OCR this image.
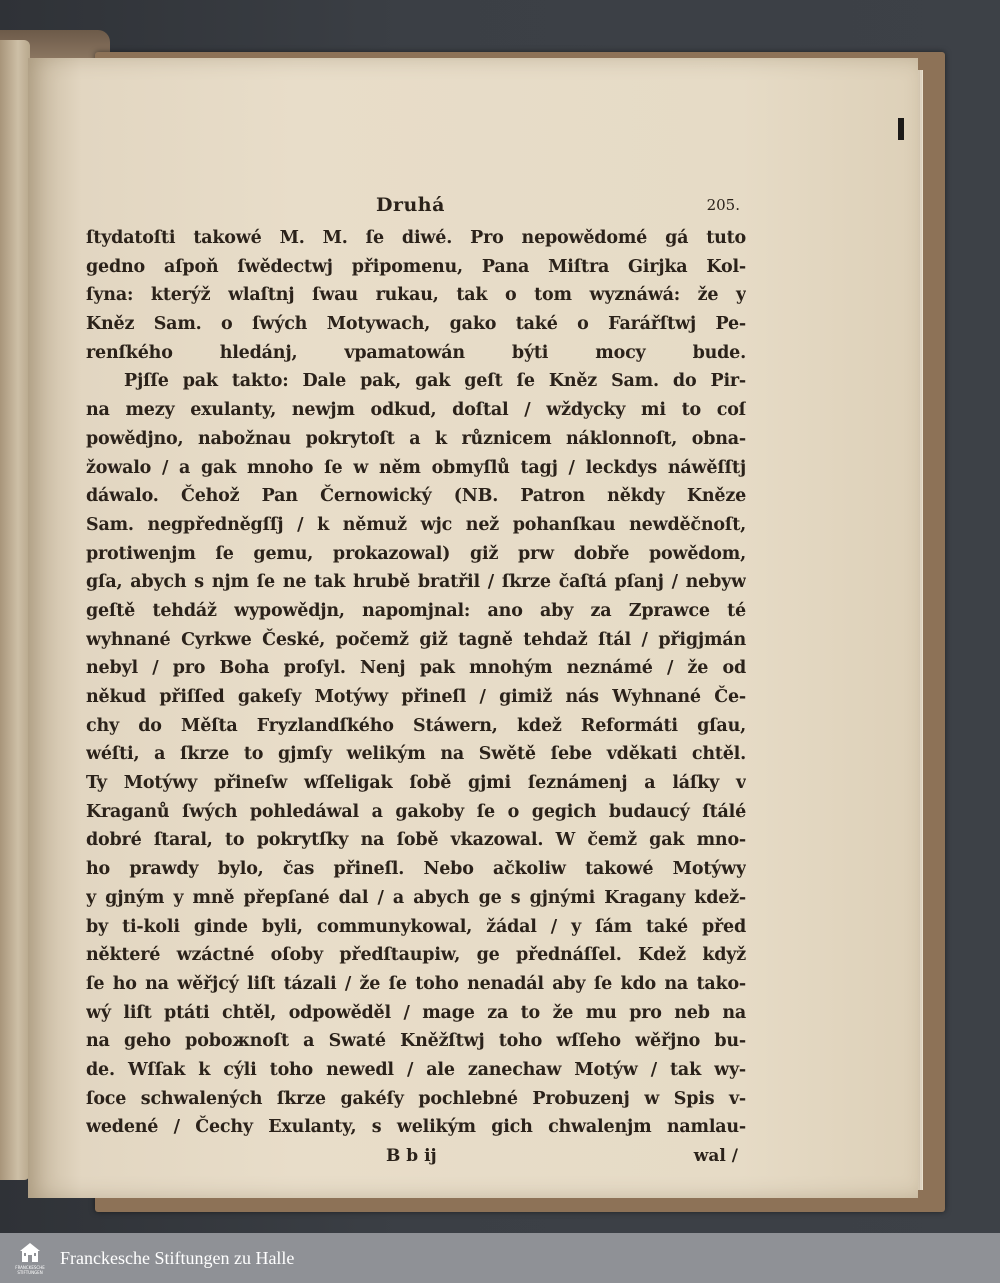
Druhá	205.
ſtydatoſti takowé M. M. ſe diwé. Pro nepowědomé gá tuto
gedno aſpoň ſwědectwj připomenu, Pana Miſtra Girjka Kol-
ſyna: kterýž wlaſtnj ſwau rukau, tak o tom wyznáwá: že y
Kněz Sam. o ſwých Motywach, gako také o Farářſtwj Pe-
renſkého hledánj, vpamatowán býti mocy bude.
Pjſſe pak takto: Dale pak, gak geſt ſe Kněz Sam. do Pir-
na mezy exulanty, newjm odkud, doſtal / wždycky mi to coſ
powědjno, nabožnau pokrytoſt a k různicem náklonnoſt, obna-
žowalo / a gak mnoho ſe w něm obmyſlů tagj / leckdys náwěſſtj
dáwalo. Čehož Pan Černowický (NB. Patron někdy Kněze
Sam. negpředněgſſj / k němuž wjc než pohanſkau newděčnoſt,
protiwenjm ſe gemu, prokazowal) giž prw dobře powědom,
gſa, abych s njm ſe ne tak hrubě bratřil / ſkrze čaſtá pſanj / nebyw
geſtě tehdáž wypowědjn, napomjnal: ano aby za Zprawce té
wyhnané Cyrkwe České, počemž giž tagně tehdaž ſtál / přigjmán
nebyl / pro Boha proſyl. Nenj pak mnohým neznámé / že od
někud přiſſed gakeſy Motýwy přineſl / gimiž nás Wyhnané Če-
chy do Měſta Fryzlandſkého Stáwern, kdež Reformáti gſau,
wéſti, a ſkrze to gjmſy welikým na Swětě ſebe vděkati chtěl.
Ty Motýwy přineſw wſſeligak ſobě gjmi ſeznámenj a láſky v
Kraganů ſwých pohledáwal a gakoby ſe o gegich budaucý ſtálé
dobré ſtaral, to pokrytſky na ſobě vkazowal. W čemž gak mno-
ho prawdy bylo, čas přineſl. Nebo ačkoliw takowé Motýwy
y gjným y mně přepſané dal / a abych ge s gjnými Kragany kdež-
by ti-koli ginde byli, communykowal, žádal / y ſám také před
některé wzáctné oſoby předſtaupiw, ge přednáſſel. Kdež když
ſe ho na wěřjcý liſt tázali / že ſe toho nenadál aby ſe kdo na tako-
wý liſt ptáti chtěl, odpowěděl / mage za to že mu pro neb na
na geho poboжnoſt a Swaté Kněžſtwj toho wſſeho wěřjno bu-
de. Wſſak k cýli toho newedl / ale zanechaw Motýw / tak wy-
ſoce schwalených ſkrze gakéſy pochlebné Probuzenj w Spis v-
wedené / Čechy Exulanty, s welikým gich chwalenjm namlau-
B b ij	wal /
FRANCKESCHE
STIFTUNGEN
Franckesche Stiftungen zu Halle
